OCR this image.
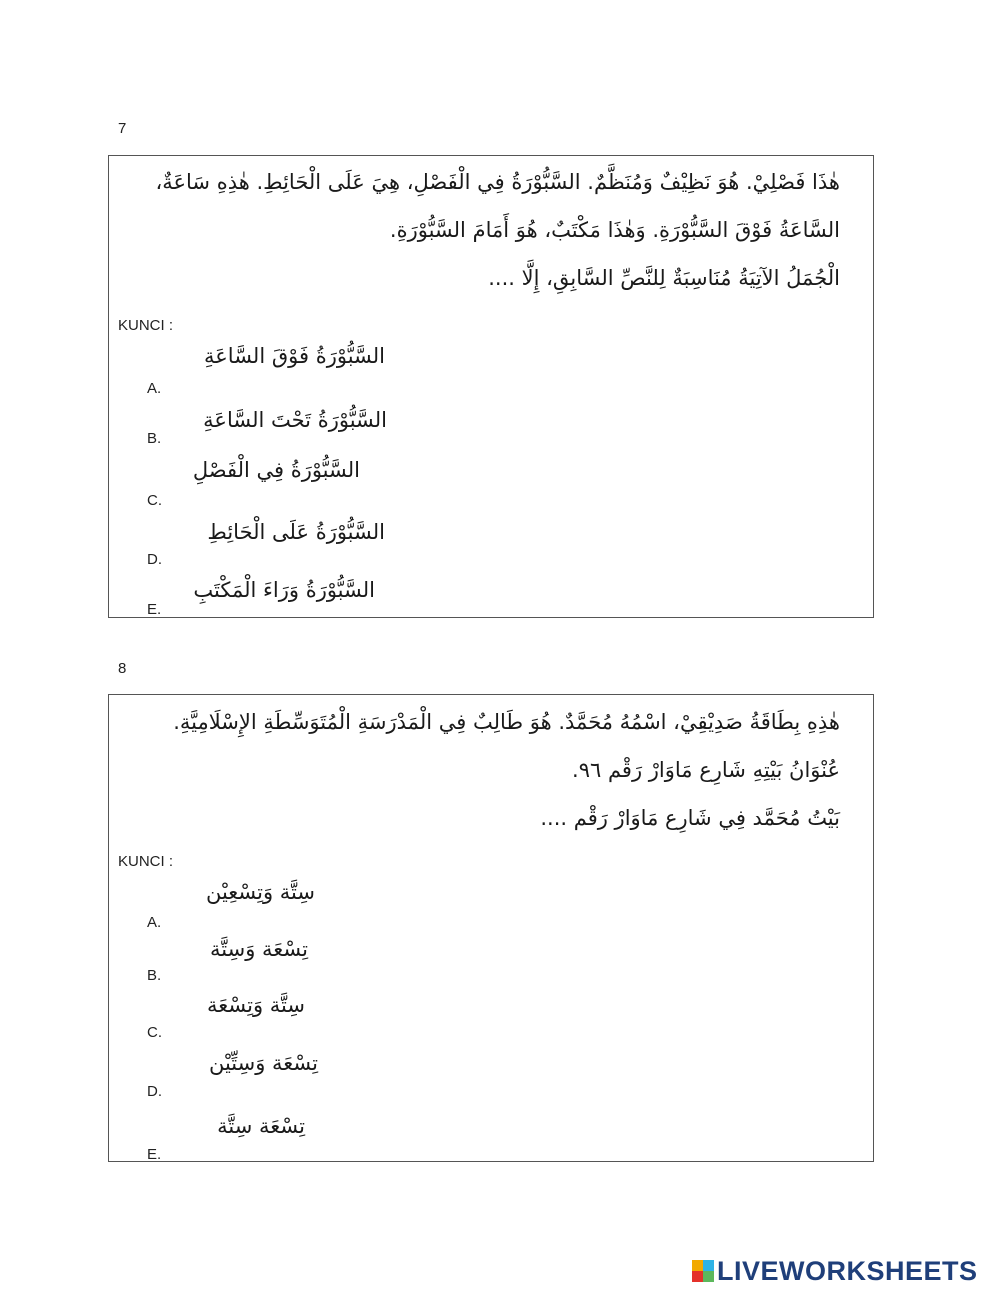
7
هٰذَا فَصْلِيْ. هُوَ نَظِيْفٌ وَمُنَظَّمٌ. السَّبُّوْرَةُ فِي الْفَصْلِ، هِيَ عَلَى الْحَائِطِ. هٰذِهِ سَاعَةٌ،
السَّاعَةُ فَوْقَ السَّبُّوْرَةِ. وَهٰذَا مَكْتَبٌ، هُوَ أَمَامَ السَّبُّوْرَةِ.
الْجُمَلُ الآتِيَةُ مُنَاسِبَةٌ لِلنَّصِّ السَّابِقِ، إِلَّا ....
KUNCI :
السَّبُّوْرَةُ فَوْقَ السَّاعَةِ
A.
السَّبُّوْرَةُ تَحْتَ السَّاعَةِ
B.
السَّبُّوْرَةُ فِي الْفَصْلِ
C.
السَّبُّوْرَةُ عَلَى الْحَائِطِ
D.
السَّبُّوْرَةُ وَرَاءَ الْمَكْتَبِ
E.
8
هٰذِهِ بِطَاقَةُ صَدِيْقِيْ، اسْمُهُ مُحَمَّدٌ. هُوَ طَالِبٌ فِي الْمَدْرَسَةِ الْمُتَوَسِّطَةِ الإِسْلَامِيَّةِ.
عُنْوَانُ بَيْتِهِ شَارِع مَاوَارْ رَقْم ٩٦.
بَيْتُ مُحَمَّد فِي شَارِع مَاوَارْ رَقْم ....
KUNCI :
سِتَّة وَتِسْعِيْن
A.
تِسْعَة وَسِتَّة
B.
سِتَّة وَتِسْعَة
C.
تِسْعَة وَسِتِّيْن
D.
تِسْعَة سِتَّة
E.
LIVEWORKSHEETS
